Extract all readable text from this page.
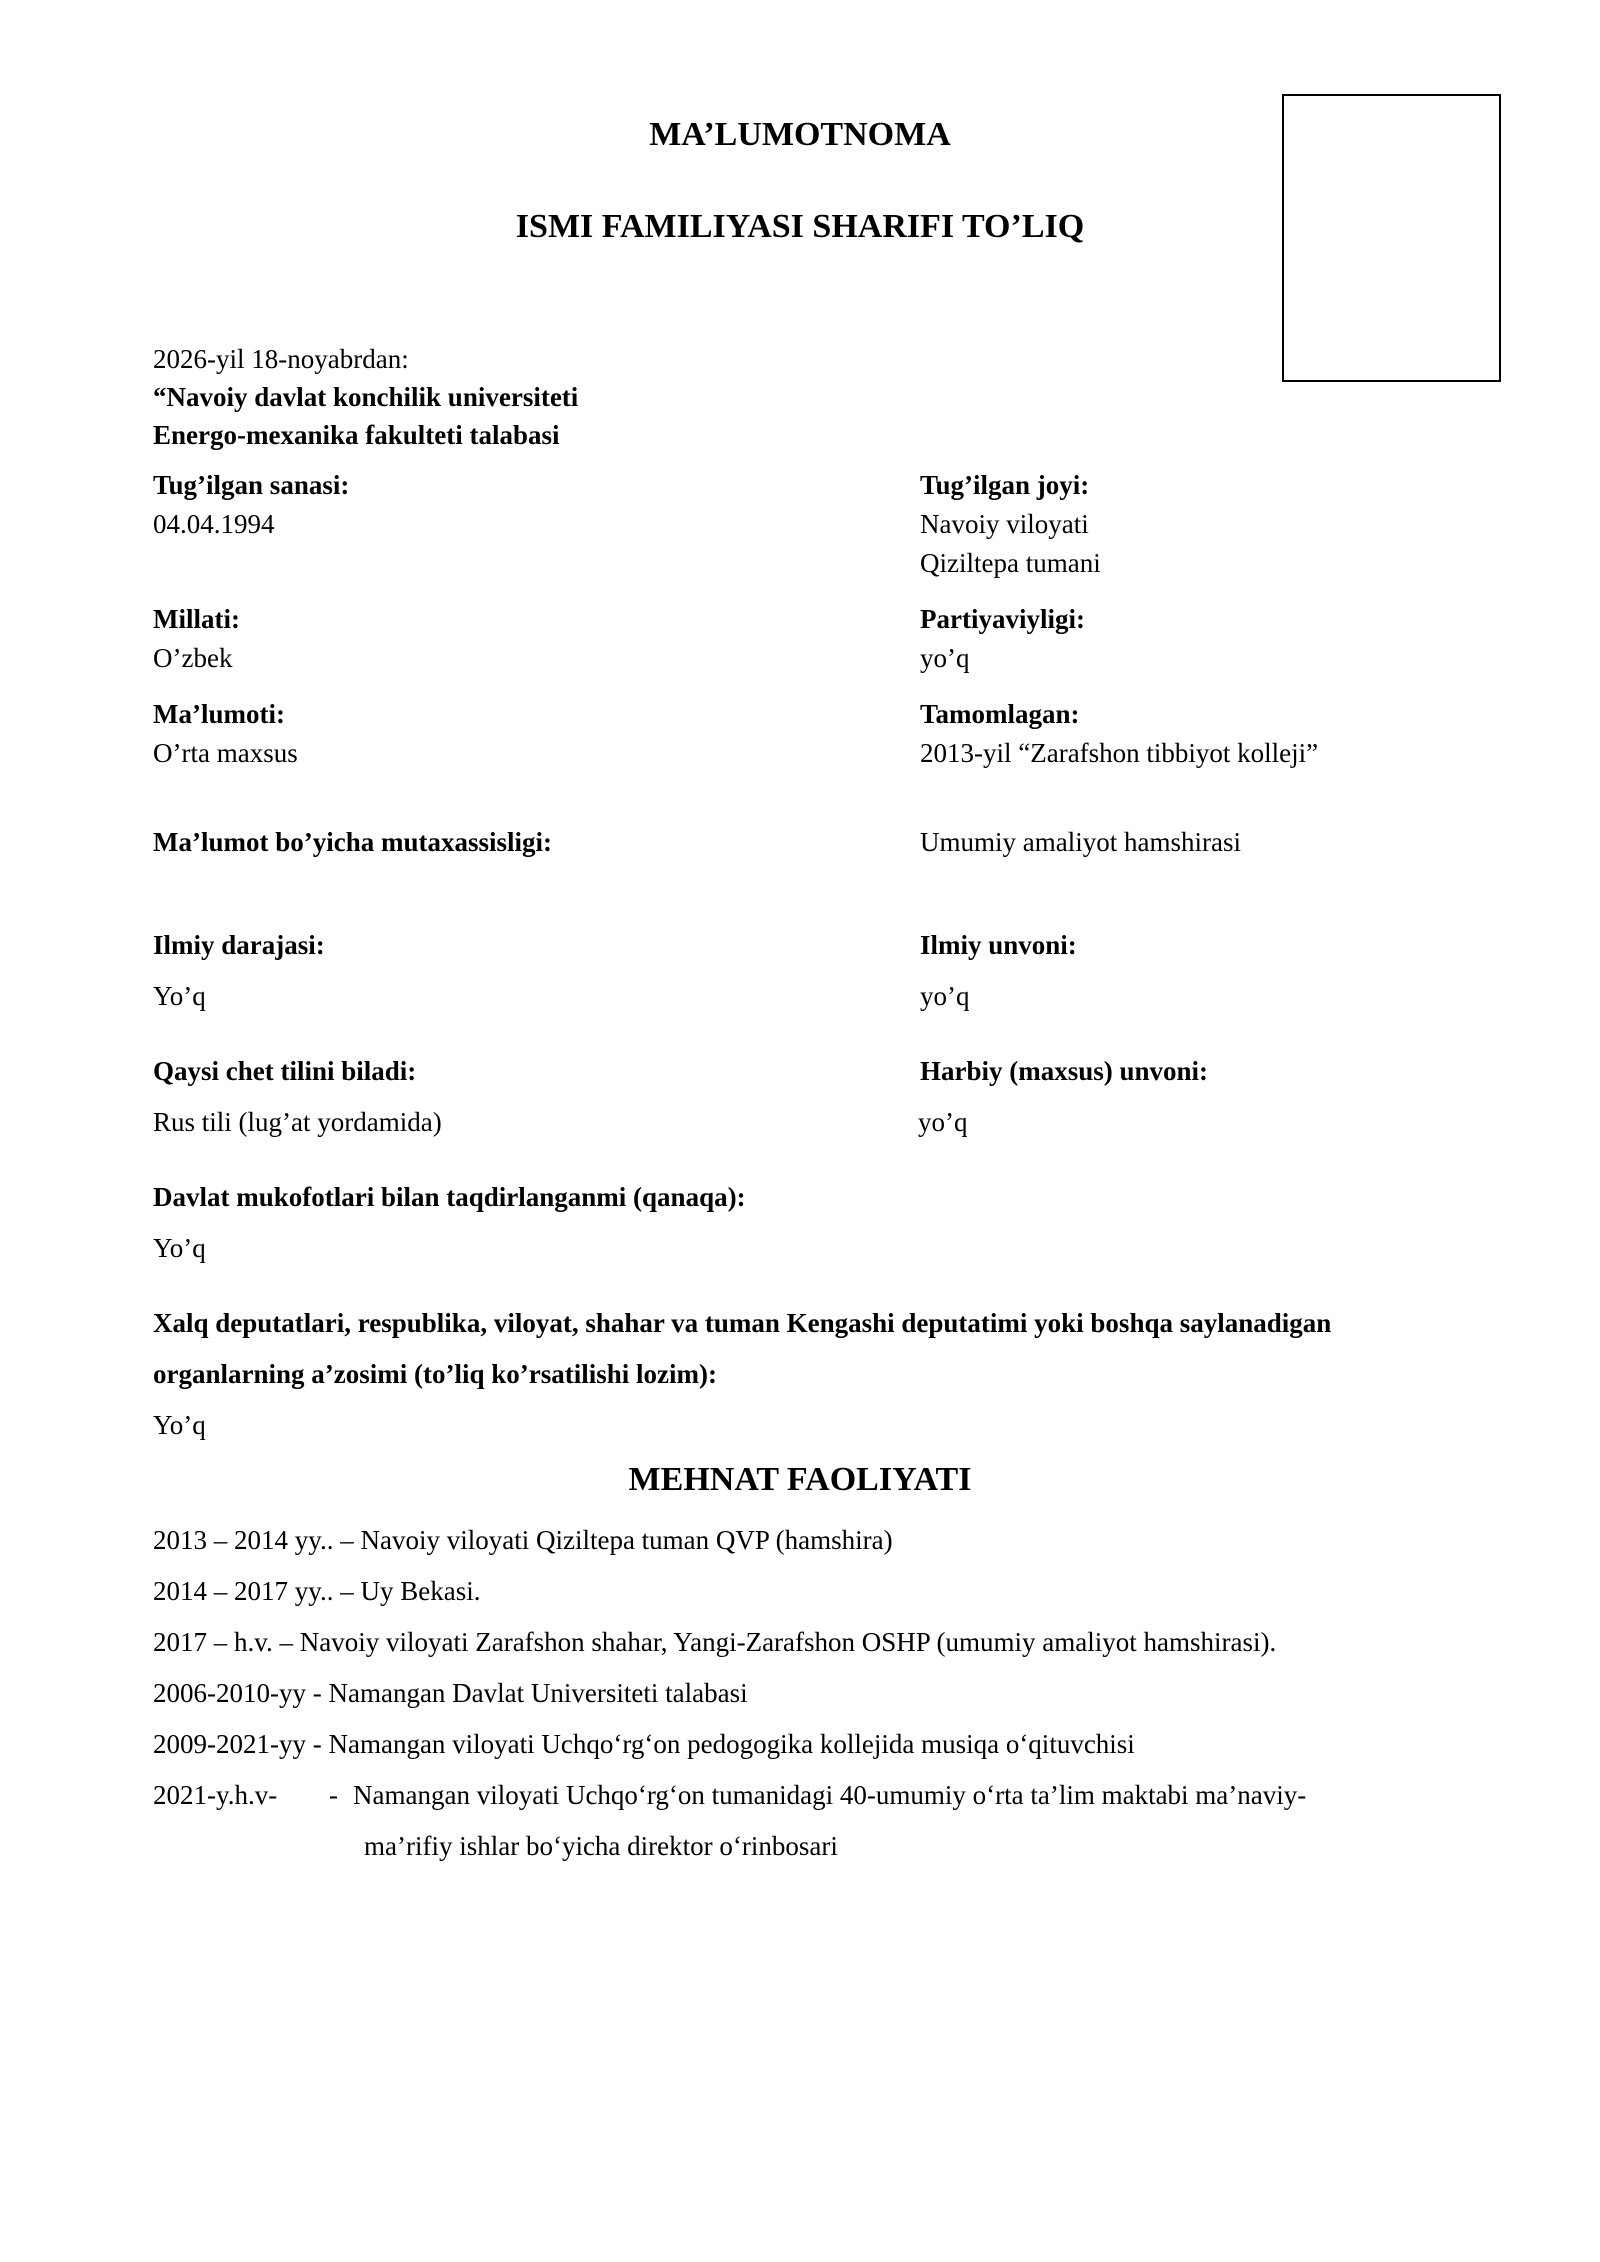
MA’LUMOTNOMA
ISMI FAMILIYASI SHARIFI TO’LIQ
2026-yil 18-noyabrdan:
“Navoiy davlat konchilik universiteti
Energo-mexanika fakulteti talabasi
Tug’ilgan sanasi:
04.04.1994
Tug’ilgan joyi:
Navoiy viloyati
Qiziltepa tumani
Millati:
O’zbek
Partiyaviyligi:
yo’q
Ma’lumoti:
O’rta maxsus
Tamomlagan:
2013-yil “Zarafshon tibbiyot kolleji”
Ma’lumot bo’yicha mutaxassisligi:	Umumiy amaliyot hamshirasi
Ilmiy darajasi:
Yo’q
Ilmiy unvoni:
yo’q
Qaysi chet tilini biladi:
Rus tili (lug’at yordamida)
Harbiy (maxsus) unvoni:
yo’q
Davlat mukofotlari bilan taqdirlanganmi (qanaqa):
Yo’q
Xalq deputatlari, respublika, viloyat, shahar va tuman Kengashi deputatimi yoki boshqa saylanadigan
organlarning a’zosimi (to’liq ko’rsatilishi lozim):
Yo’q
MEHNAT FAOLIYATI
2013 – 2014 yy.. – Navoiy viloyati Qiziltepa tuman QVP (hamshira)
2014 – 2017 yy.. – Uy Bekasi.
2017 – h.v. – Navoiy viloyati Zarafshon shahar, Yangi-Zarafshon OSHP (umumiy amaliyot hamshirasi).
2006-2010-yy - Namangan Davlat Universiteti talabasi
2009-2021-yy - Namangan viloyati Uchqo‘rg‘on pedogogika kollejida musiqa o‘qituvchisi
2021-y.h.v- - Namangan viloyati Uchqo‘rg‘on tumanidagi 40-umumiy o‘rta ta’lim maktabi ma’naviy-
ma’rifiy ishlar bo‘yicha direktor o‘rinbosari
